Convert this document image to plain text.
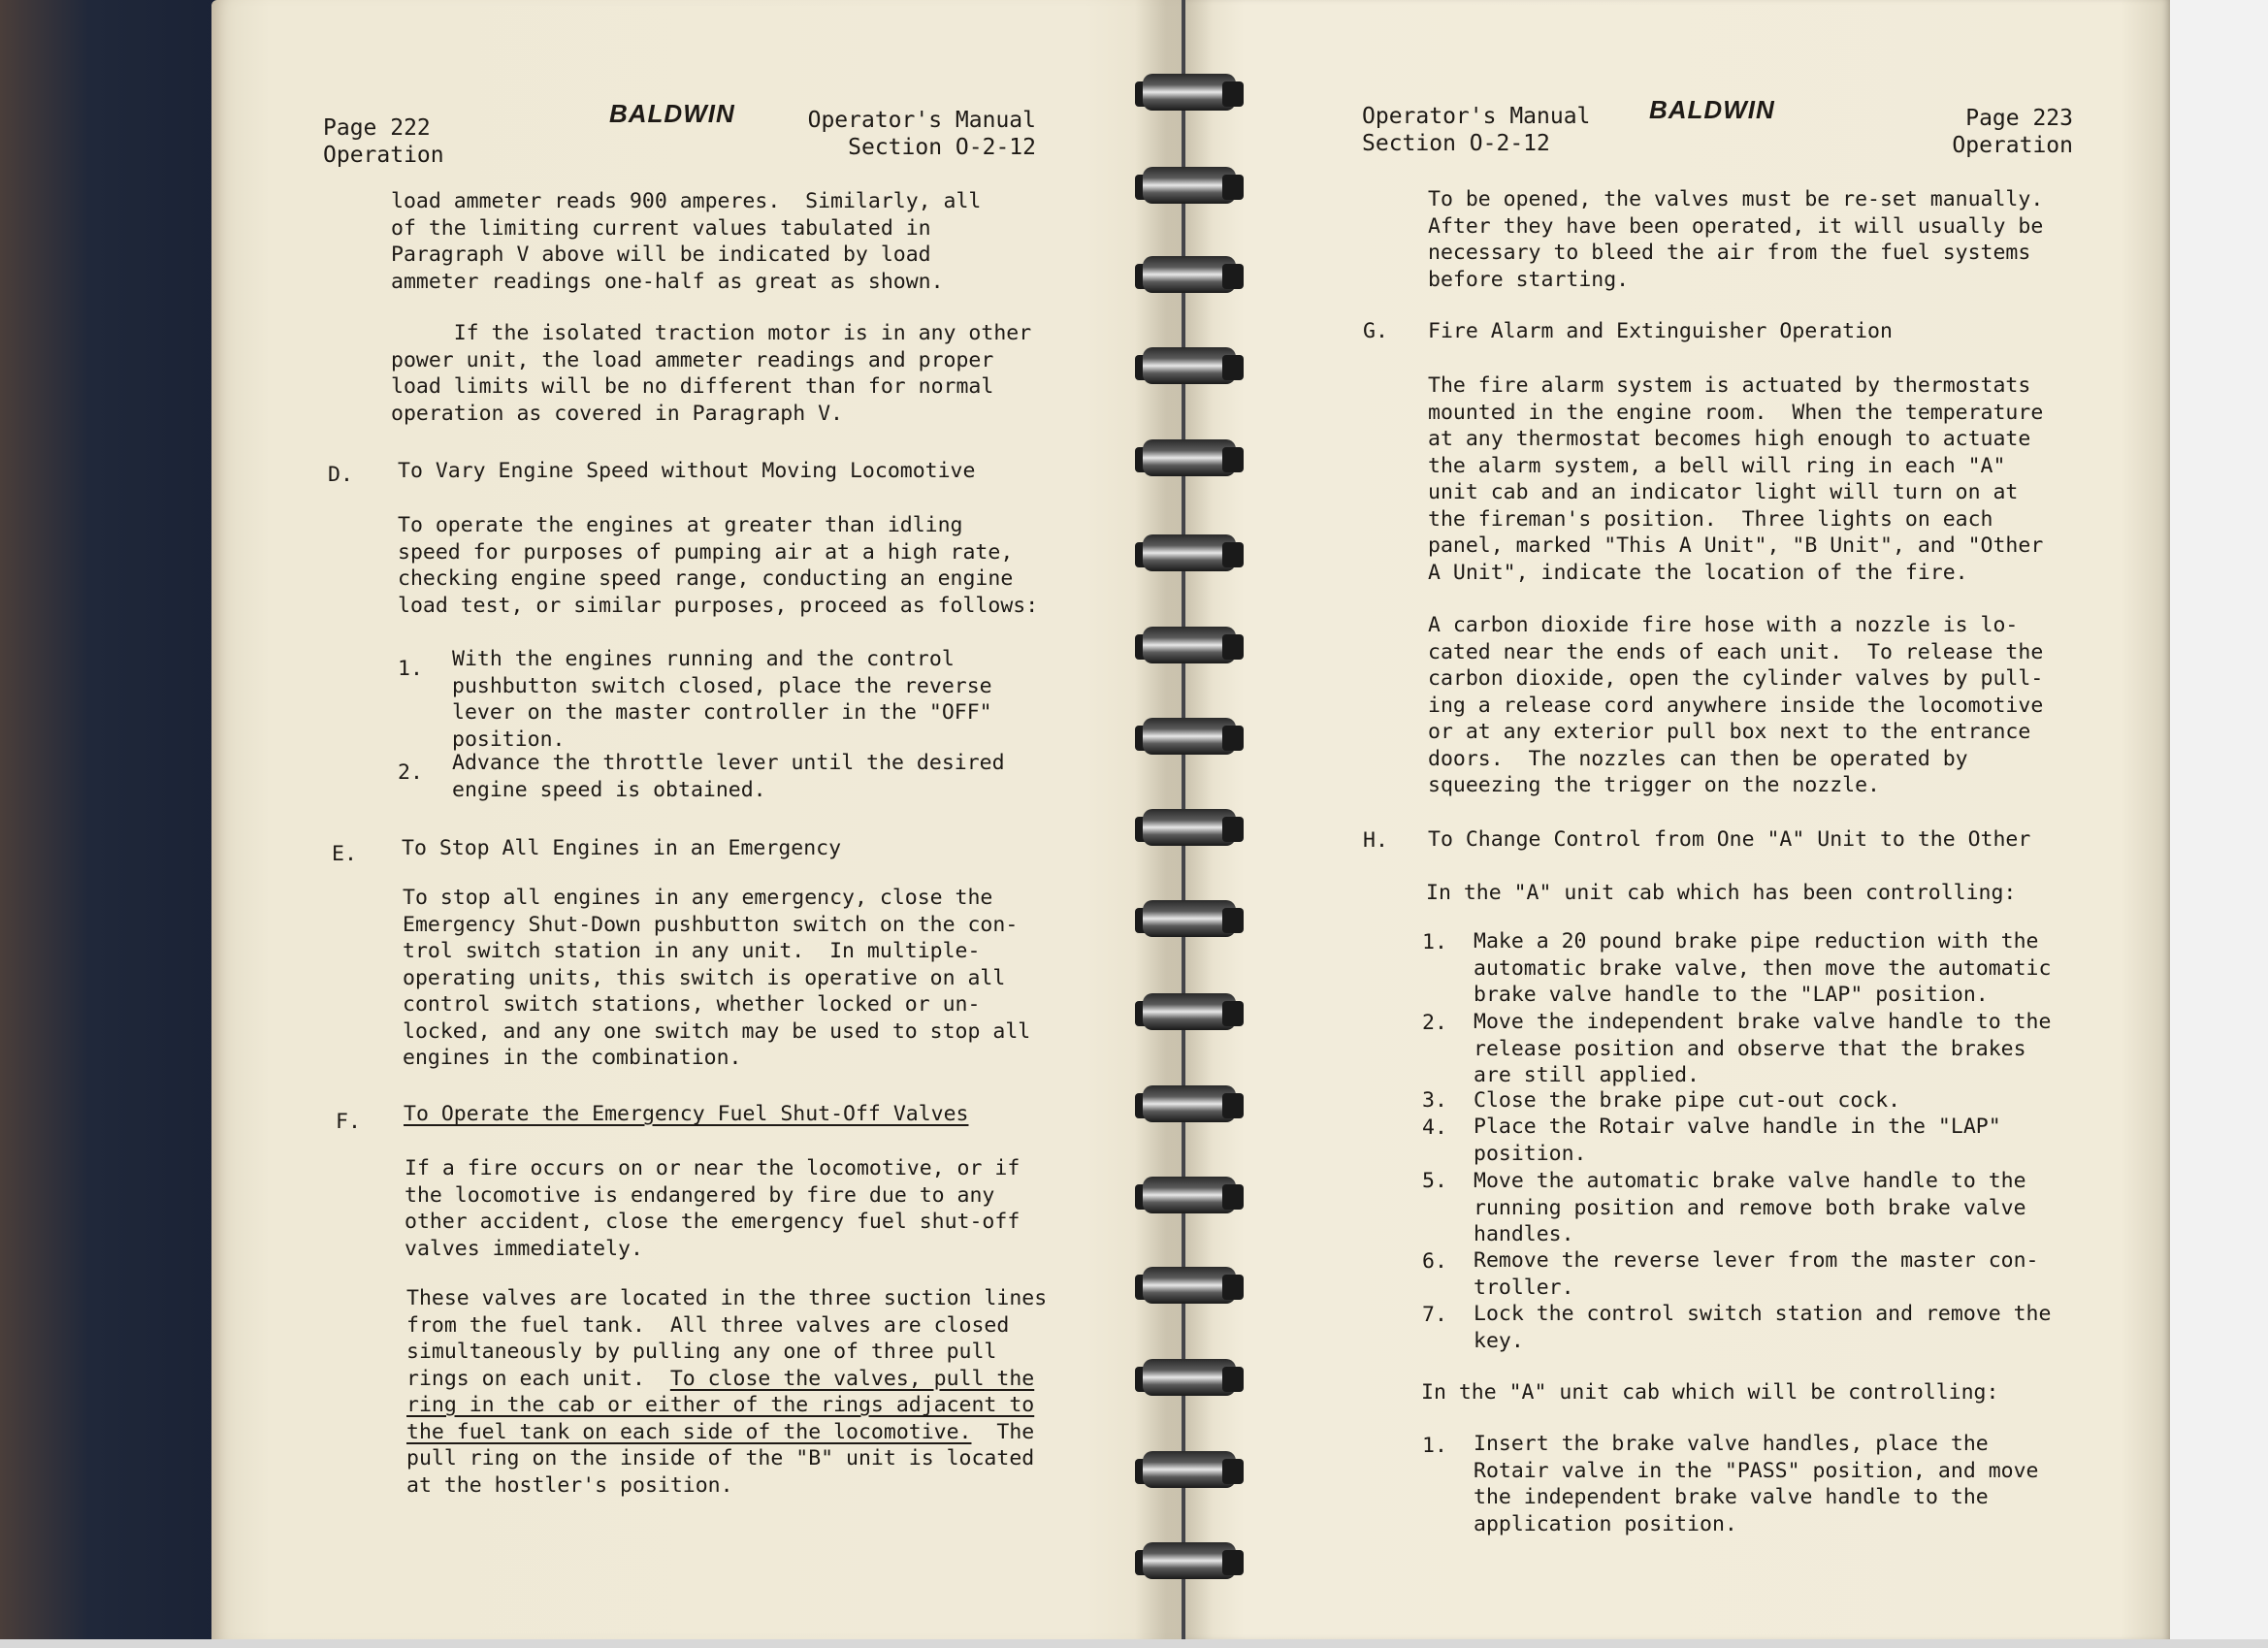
Page 222
Operation
BALDWIN	Operator's Manual
Section O-2-12
load ammeter reads 900 amperes.  Similarly, all
of the limiting current values tabulated in
Paragraph V above will be indicated by load
ammeter readings one-half as great as shown.
If the isolated traction motor is in any other
power unit, the load ammeter readings and proper
load limits will be no different than for normal
operation as covered in Paragraph V.
D. To Vary Engine Speed without Moving Locomotive
To operate the engines at greater than idling
speed for purposes of pumping air at a high rate,
checking engine speed range, conducting an engine
load test, or similar purposes, proceed as follows:
1. With the engines running and the control
pushbutton switch closed, place the reverse
lever on the master controller in the "OFF"
position.
2. Advance the throttle lever until the desired
engine speed is obtained.
E. To Stop All Engines in an Emergency
To stop all engines in any emergency, close the
Emergency Shut-Down pushbutton switch on the con-
trol switch station in any unit.  In multiple-
operating units, this switch is operative on all
control switch stations, whether locked or un-
locked, and any one switch may be used to stop all
engines in the combination.
F. To Operate the Emergency Fuel Shut-Off Valves
If a fire occurs on or near the locomotive, or if
the locomotive is endangered by fire due to any
other accident, close the emergency fuel shut-off
valves immediately.
These valves are located in the three suction lines
from the fuel tank.  All three valves are closed
simultaneously by pulling any one of three pull
rings on each unit.  To close the valves, pull the
ring in the cab or either of the rings adjacent to
the fuel tank on each side of the locomotive.  The
pull ring on the inside of the "B" unit is located
at the hostler's position.
Operator's Manual
Section O-2-12
BALDWIN	Page 223
Operation
To be opened, the valves must be re-set manually.
After they have been operated, it will usually be
necessary to bleed the air from the fuel systems
before starting.
G. Fire Alarm and Extinguisher Operation
The fire alarm system is actuated by thermostats
mounted in the engine room.  When the temperature
at any thermostat becomes high enough to actuate
the alarm system, a bell will ring in each "A"
unit cab and an indicator light will turn on at
the fireman's position.  Three lights on each
panel, marked "This A Unit", "B Unit", and "Other
A Unit", indicate the location of the fire.
A carbon dioxide fire hose with a nozzle is lo-
cated near the ends of each unit.  To release the
carbon dioxide, open the cylinder valves by pull-
ing a release cord anywhere inside the locomotive
or at any exterior pull box next to the entrance
doors.  The nozzles can then be operated by
squeezing the trigger on the nozzle.
H. To Change Control from One "A" Unit to the Other
In the "A" unit cab which has been controlling:
1. Make a 20 pound brake pipe reduction with the
automatic brake valve, then move the automatic
brake valve handle to the "LAP" position.
2. Move the independent brake valve handle to the
release position and observe that the brakes
are still applied.
3. Close the brake pipe cut-out cock.
4. Place the Rotair valve handle in the "LAP"
position.
5. Move the automatic brake valve handle to the
running position and remove both brake valve
handles.
6. Remove the reverse lever from the master con-
troller.
7. Lock the control switch station and remove the
key.
In the "A" unit cab which will be controlling:
1. Insert the brake valve handles, place the
Rotair valve in the "PASS" position, and move
the independent brake valve handle to the
application position.
